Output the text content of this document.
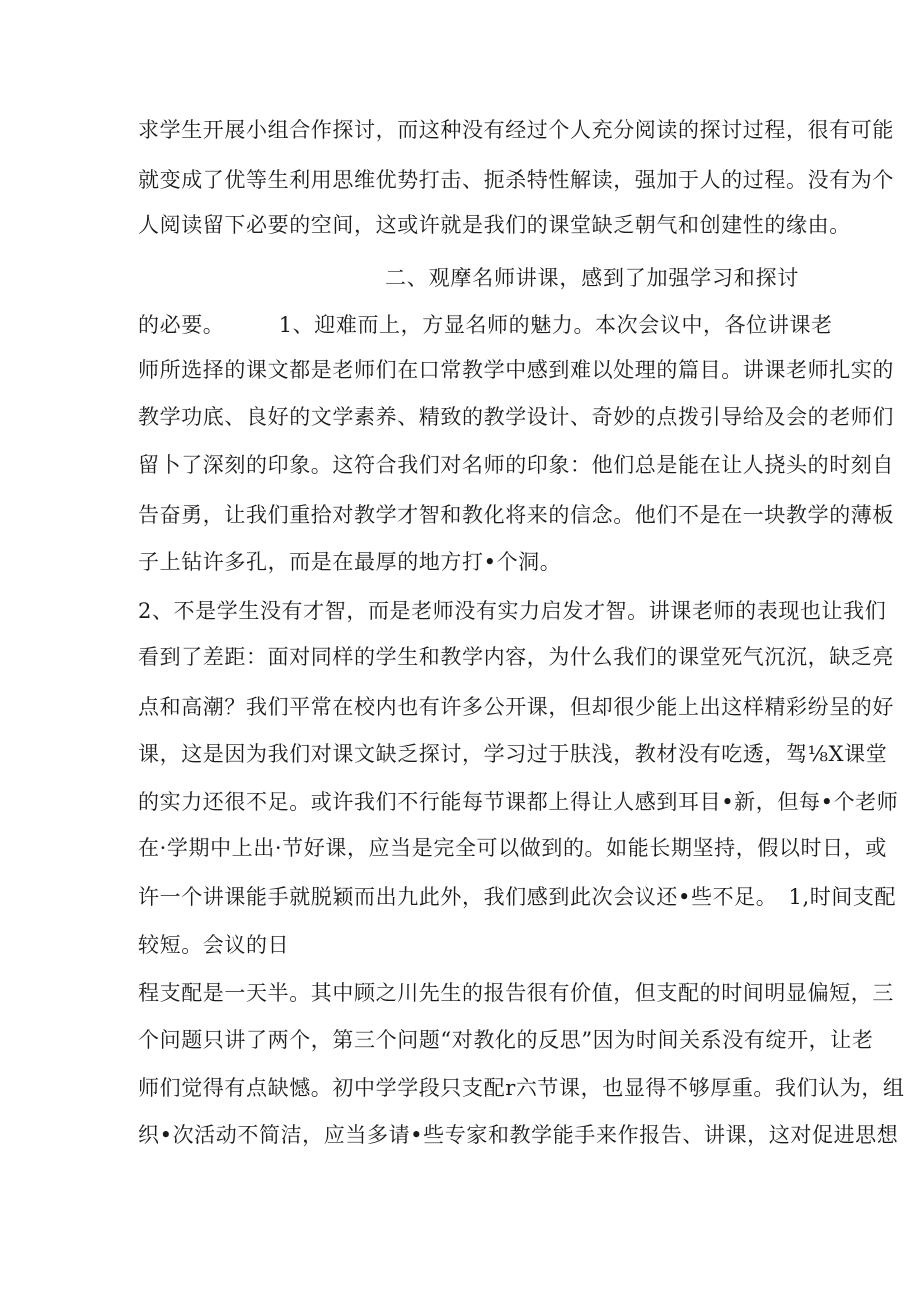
求学生开展小组合作探讨，而这种没有经过个人充分阅读的探讨过程，很有可能
就变成了优等生利用思维优势打击、扼杀特性解读，强加于人的过程。没有为个
人阅读留下必要的空间，这或许就是我们的课堂缺乏朝气和创建性的缘由。
二、观摩名师讲课，感到了加强学习和探讨
的必要。　　　1、迎难而上，方显名师的魅力。本次会议中，各位讲课老
师所选择的课文都是老师们在口常教学中感到难以处理的篇目。讲课老师扎实的
教学功底、良好的文学素养、精致的教学设计、奇妙的点拨引导给及会的老师们
留卜了深刻的印象。这符合我们对名师的印象：他们总是能在让人挠头的时刻自
告奋勇，让我们重拾对教学才智和教化将来的信念。他们不是在一块教学的薄板
子上钻许多孔，而是在最厚的地方打•个洞。
2、不是学生没有才智，而是老师没有实力启发才智。讲课老师的表现也让我们
看到了差距：面对同样的学生和教学内容，为什么我们的课堂死气沉沉，缺乏亮
点和高潮？我们平常在校内也有许多公开课，但却很少能上出这样精彩纷呈的好
课，这是因为我们对课文缺乏探讨，学习过于肤浅，教材没有吃透，驾⅛X课堂
的实力还很不足。或许我们不行能每节课都上得让人感到耳目•新，但每•个老师
在·学期中上出·节好课，应当是完全可以做到的。如能长期坚持，假以时日，或
许一个讲课能手就脱颖而出九此外，我们感到此次会议还•些不足。　1,时间支配
较短。会议的日
程支配是一天半。其中顾之川先生的报告很有价值，但支配的时间明显偏短，三
个问题只讲了两个，第三个问题“对教化的反思”因为时间关系没有绽开，让老
师们觉得有点缺憾。初中学学段只支配r六节课，也显得不够厚重。我们认为，组
织•次活动不简洁，应当多请•些专家和教学能手来作报告、讲课，这对促进思想
